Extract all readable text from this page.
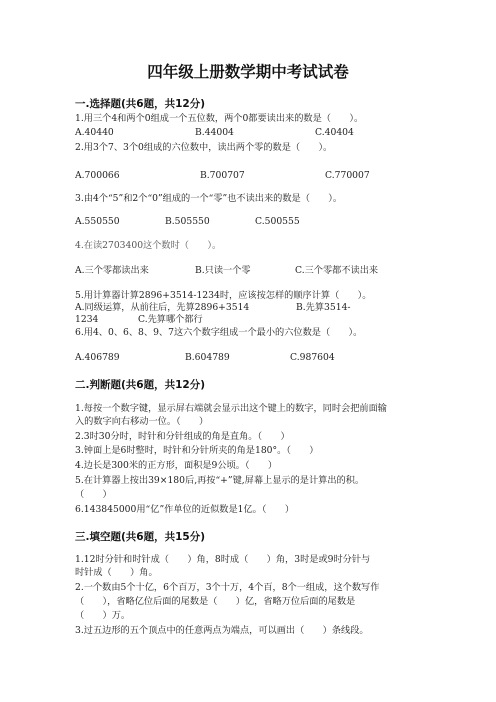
四年级上册数学期中考试试卷
一.选择题(共6题，共12分)
1.用三个4和两个0组成一个五位数，两个0都要读出来的数是（　　）。
A.40440	B.44004	C.40404
2.用3个7、3个0组成的六位数中，读出两个零的数是（　　）。
A.700066	B.700707	C.770007
3.由4个“5”和2个“0”组成的一个“零”也不读出来的数是（　　）。
A.550550	B.505550	C.500555
4.在读2703400这个数时（　　）。
A.三个零都读出来	B.只读一个零	C.三个零都不读出来
5.用计算器计算2896+3514-1234时，应该按怎样的顺序计算（　　）。
A.同级运算，从前往后，先算2896+3514	B.先算3514-
1234	C.先算哪个都行
6.用4、0、6、8、9、7这六个数字组成一个最小的六位数是（　　）。
A.406789	B.604789	C.987604
二.判断题(共6题，共12分)
1.每按一个数字键，显示屏右端就会显示出这个键上的数字，同时会把前面输
入的数字向右移动一位。（　　）
2.3时30分时，时针和分针组成的角是直角。（　　）
3.钟面上是6时整时，时针和分针所夹的角是180°。（　　）
4.边长是300米的正方形，面积是9公顷。（　　）
5.在计算器上按出39×180后,再按“+”键,屏幕上显示的是计算出的积。
（　　）
6.143845000用“亿”作单位的近似数是1亿。（　　）
三.填空题(共6题，共15分)
1.12时分针和时针成（　　）角，8时成（　　）角，3时是或9时分针与
时针成（　　）角。
2.一个数由5个十亿，6个百万，3个十万，4个百，8个一组成，这个数写作
（　　），省略亿位后面的尾数是（　　）亿，省略万位后面的尾数是
（　　）万。
3.过五边形的五个顶点中的任意两点为端点，可以画出（　　）条线段。
